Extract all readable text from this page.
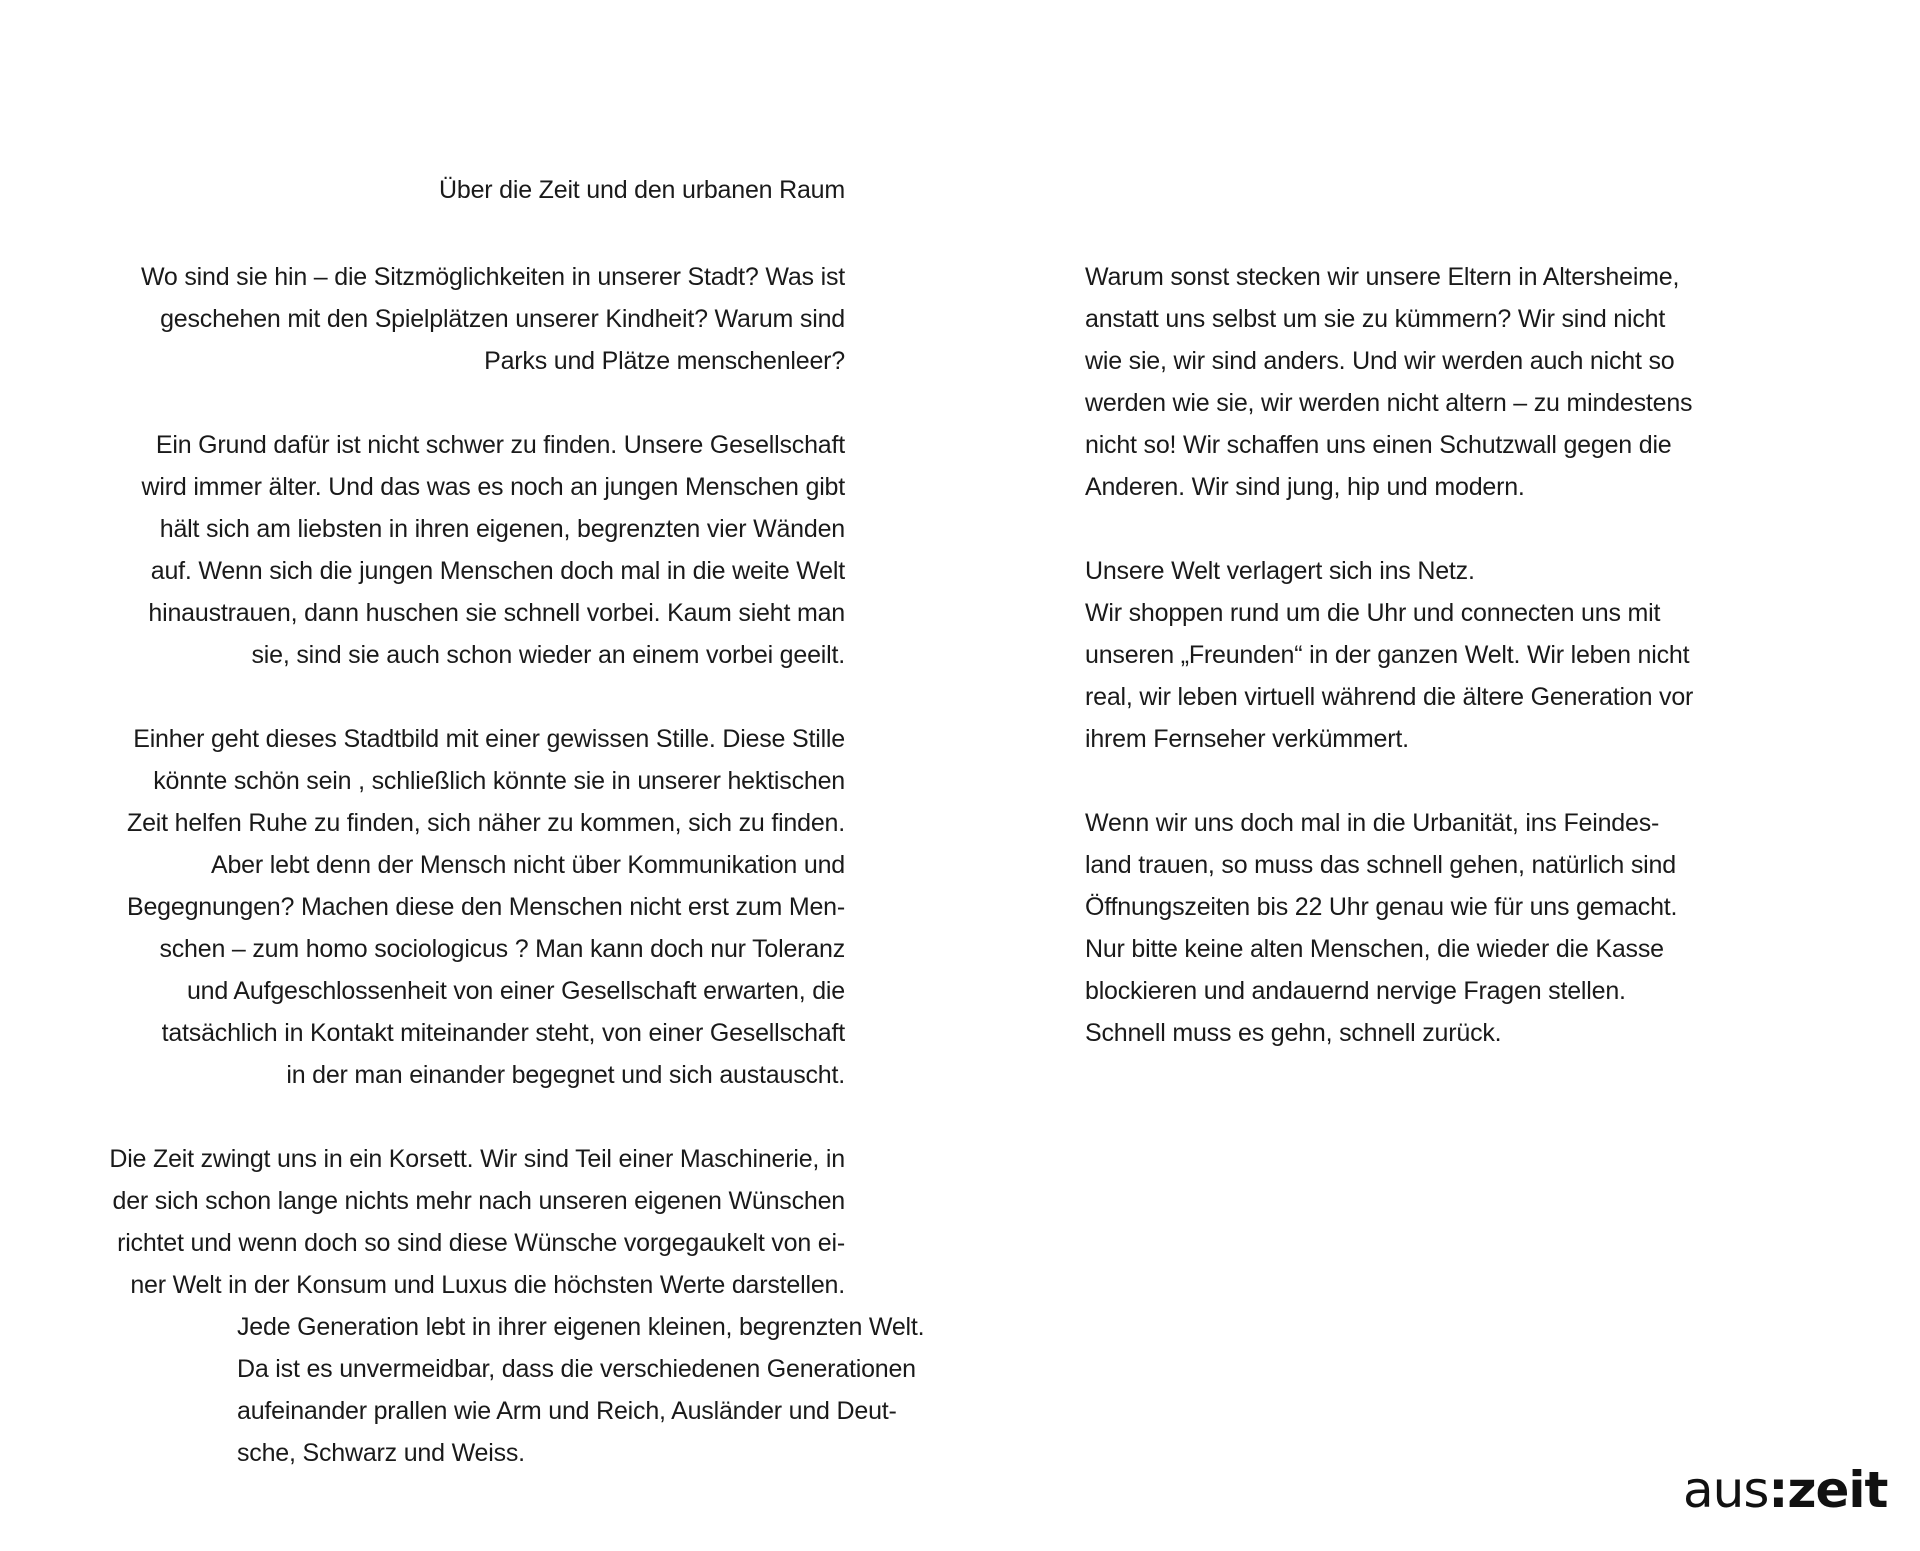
Über die Zeit und den urbanen Raum
Wo sind sie hin – die Sitzmöglichkeiten in unserer Stadt? Was ist
geschehen mit den Spielplätzen unserer Kindheit? Warum sind
Parks und Plätze menschenleer?
Ein Grund dafür ist nicht schwer zu finden. Unsere Gesellschaft
wird immer älter. Und das was es noch an jungen Menschen gibt
hält sich am liebsten in ihren eigenen, begrenzten vier Wänden
auf. Wenn sich die jungen Menschen doch mal in die weite Welt
hinaustrauen, dann huschen sie schnell vorbei. Kaum sieht man
sie, sind sie auch schon wieder an einem vorbei geeilt.
Einher geht dieses Stadtbild mit einer gewissen Stille. Diese Stille
könnte schön sein , schließlich könnte sie in unserer hektischen
Zeit helfen Ruhe zu finden, sich näher zu kommen, sich zu finden.
Aber lebt denn der Mensch nicht über Kommunikation und
Begegnungen? Machen diese den Menschen nicht erst zum Men-
schen – zum homo sociologicus ? Man kann doch nur Toleranz
und Aufgeschlossenheit von einer Gesellschaft erwarten, die
tatsächlich in Kontakt miteinander steht, von einer Gesellschaft
in der man einander begegnet und sich austauscht.
Die Zeit zwingt uns in ein Korsett. Wir sind Teil einer Maschinerie, in
der sich schon lange nichts mehr nach unseren eigenen Wünschen
richtet und wenn doch so sind diese Wünsche vorgegaukelt von ei-
ner Welt in der Konsum und Luxus die höchsten Werte darstellen.
Jede Generation lebt in ihrer eigenen kleinen, begrenzten Welt.
Da ist es unvermeidbar, dass die verschiedenen Generationen
aufeinander prallen wie Arm und Reich, Ausländer und Deut-
sche, Schwarz und Weiss.
Warum sonst stecken wir unsere Eltern in Altersheime,
anstatt uns selbst um sie zu kümmern? Wir sind nicht
wie sie, wir sind anders. Und wir werden auch nicht so
werden wie sie, wir werden nicht altern – zu mindestens
nicht so! Wir schaffen uns einen Schutzwall gegen die
Anderen. Wir sind jung, hip und modern.
Unsere Welt verlagert sich ins Netz.
Wir shoppen rund um die Uhr und connecten uns mit
unseren „Freunden“ in der ganzen Welt. Wir leben nicht
real, wir leben virtuell während die ältere Generation vor
ihrem Fernseher verkümmert.
Wenn wir uns doch mal in die Urbanität, ins Feindes-
land trauen, so muss das schnell gehen, natürlich sind
Öffnungszeiten bis 22 Uhr genau wie für uns gemacht.
Nur bitte keine alten Menschen, die wieder die Kasse
blockieren und andauernd nervige Fragen stellen.
Schnell muss es gehn, schnell zurück.
aus:zeit
